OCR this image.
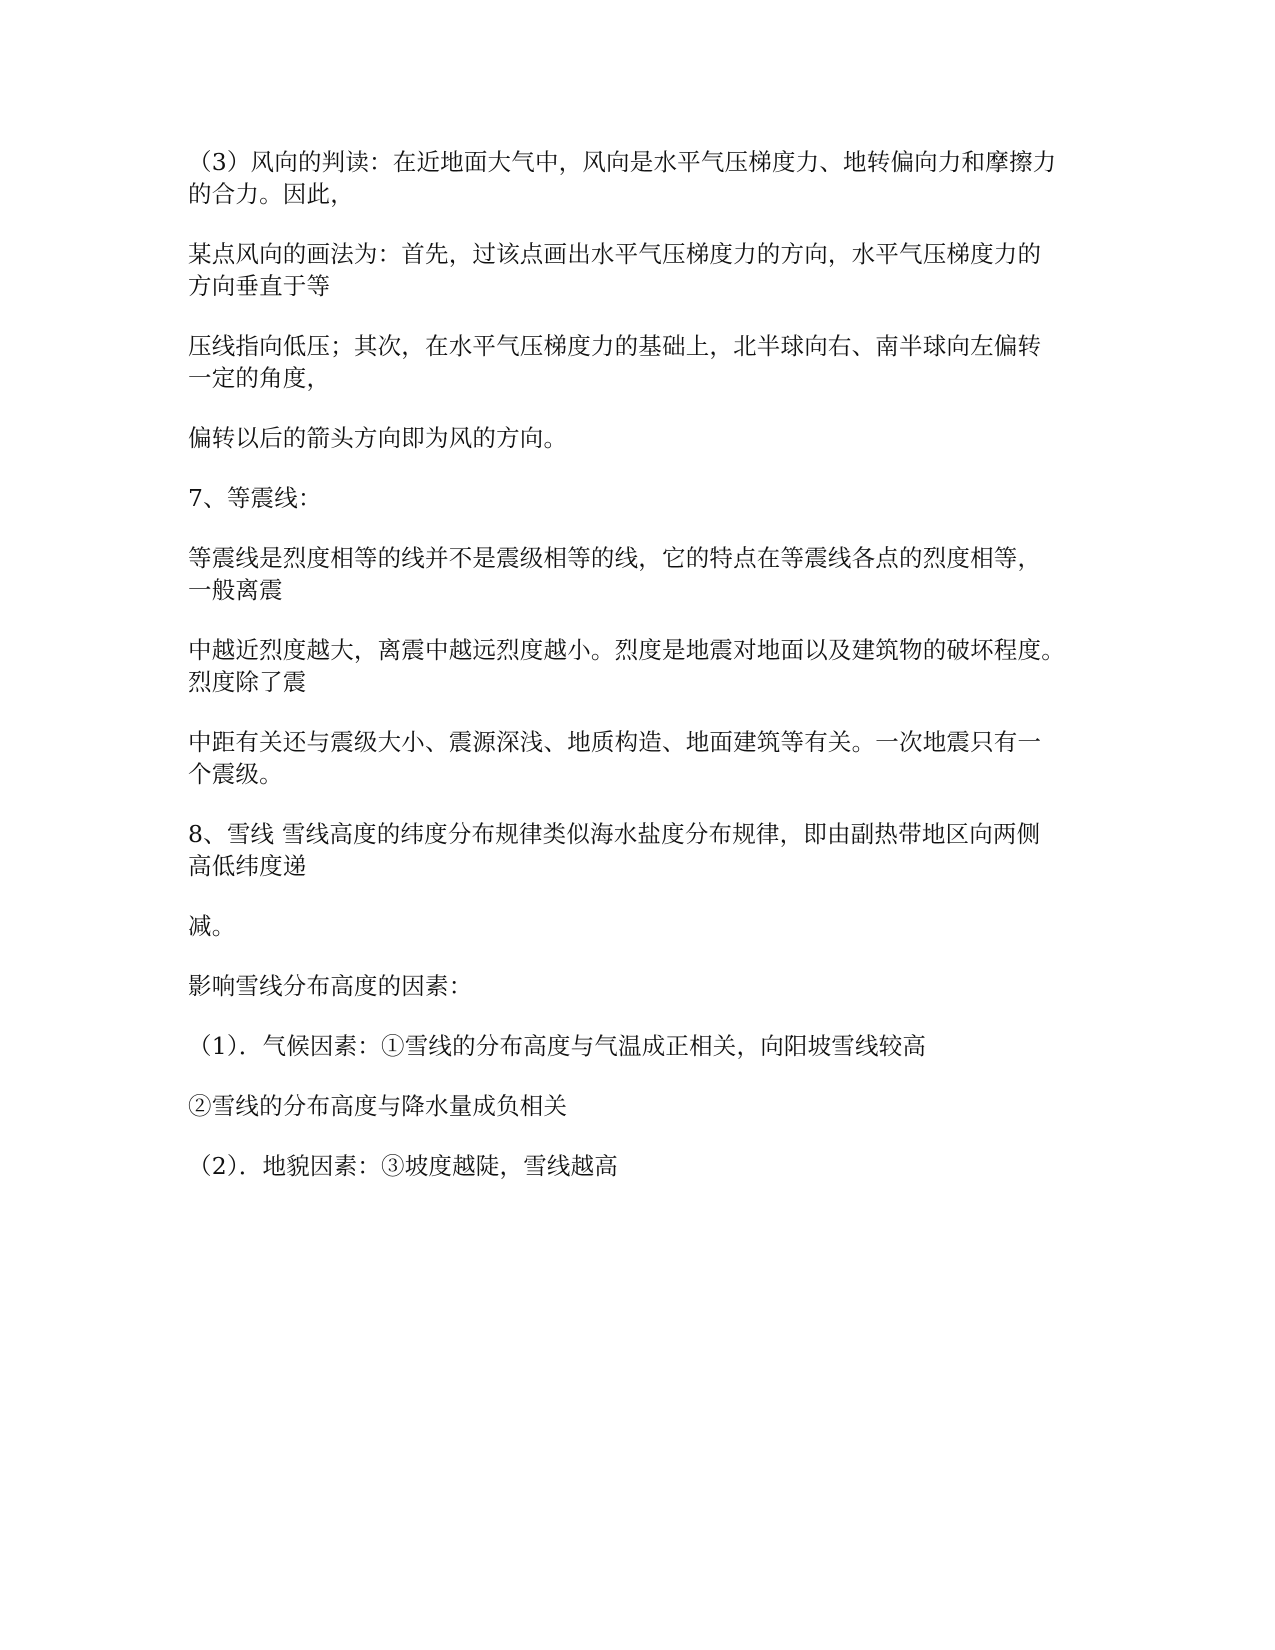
（3）风向的判读：在近地面大气中，风向是水平气压梯度力、地转偏向力和摩擦力
的合力。因此，

某点风向的画法为：首先，过该点画出水平气压梯度力的方向，水平气压梯度力的
方向垂直于等

压线指向低压；其次，在水平气压梯度力的基础上，北半球向右、南半球向左偏转
一定的角度，

偏转以后的箭头方向即为风的方向。

7、等震线：

等震线是烈度相等的线并不是震级相等的线，它的特点在等震线各点的烈度相等，
一般离震

中越近烈度越大，离震中越远烈度越小。烈度是地震对地面以及建筑物的破坏程度。
烈度除了震

中距有关还与震级大小、震源深浅、地质构造、地面建筑等有关。一次地震只有一
个震级。

8、雪线 雪线高度的纬度分布规律类似海水盐度分布规律，即由副热带地区向两侧
高低纬度递

减。

影响雪线分布高度的因素：

（1）．气候因素：①雪线的分布高度与气温成正相关，向阳坡雪线较高

②雪线的分布高度与降水量成负相关

（2）．地貌因素：③坡度越陡，雪线越高
